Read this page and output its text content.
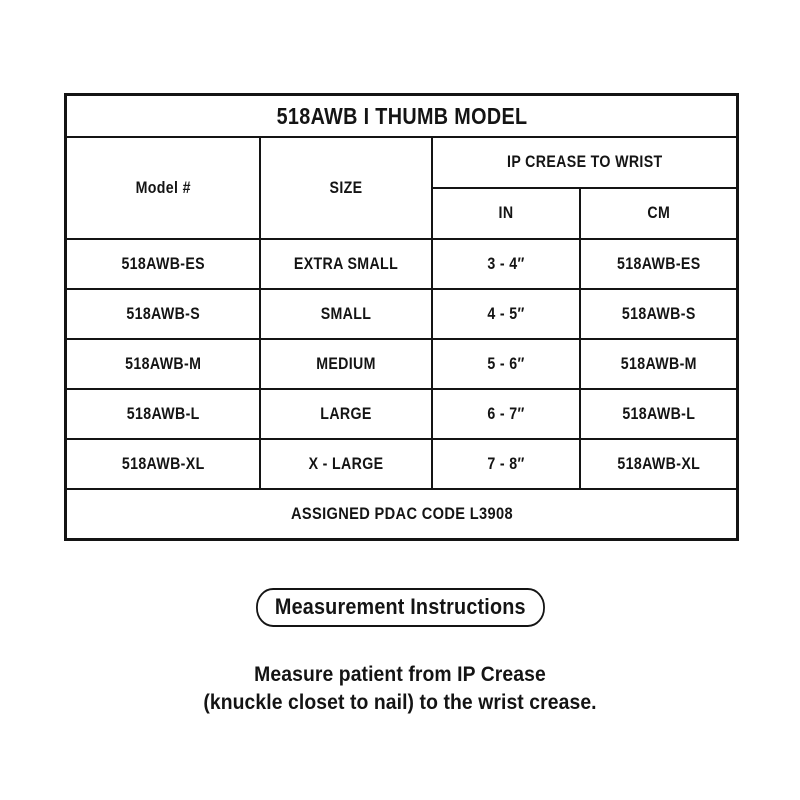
518AWB I THUMB MODEL			
Model #	SIZE	IP CREASE TO WRIST	
		IN	CM
518AWB-ES	EXTRA SMALL	3 - 4″	518AWB-ES
518AWB-S	SMALL	4 - 5″	518AWB-S
518AWB-M	MEDIUM	5 - 6″	518AWB-M
518AWB-L	LARGE	6 - 7″	518AWB-L
518AWB-XL	X - LARGE	7 - 8″	518AWB-XL
ASSIGNED PDAC CODE L3908			
Measurement Instructions
Measure patient from IP Crease
(knuckle closet to nail) to the wrist crease.
